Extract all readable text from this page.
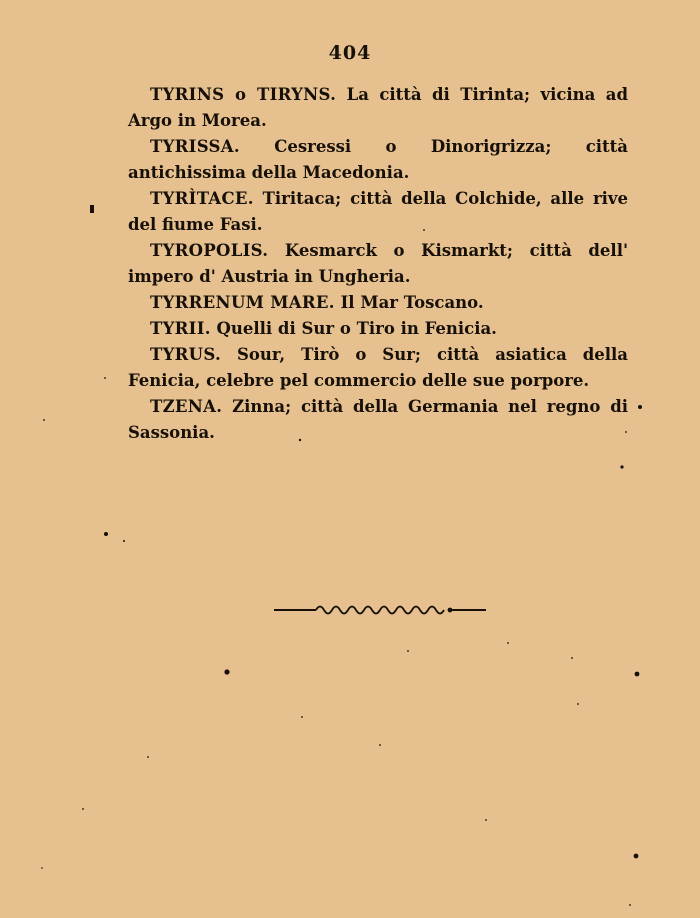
404

TYRINS o TIRYNS. La città di Tirinta; vicina ad Argo in Morea.

TYRISSA. Cesressi o Dinorigrizza; città antichissima della Macedonia.

TYRÌTACE. Tiritaca; città della Colchide, alle rive del fiume Fasi.

TYROPOLIS. Kesmarck o Kismarkt; città dell' impero d' Austria in Ungheria.

TYRRENUM MARE. Il Mar Toscano.

TYRII. Quelli di Sur o Tiro in Fenicia.

TYRUS. Sour, Tirò o Sur; città asiatica della Fenicia, celebre pel commercio delle sue porpore.

TZENA. Zinna; città della Germania nel regno di Sassonia.
